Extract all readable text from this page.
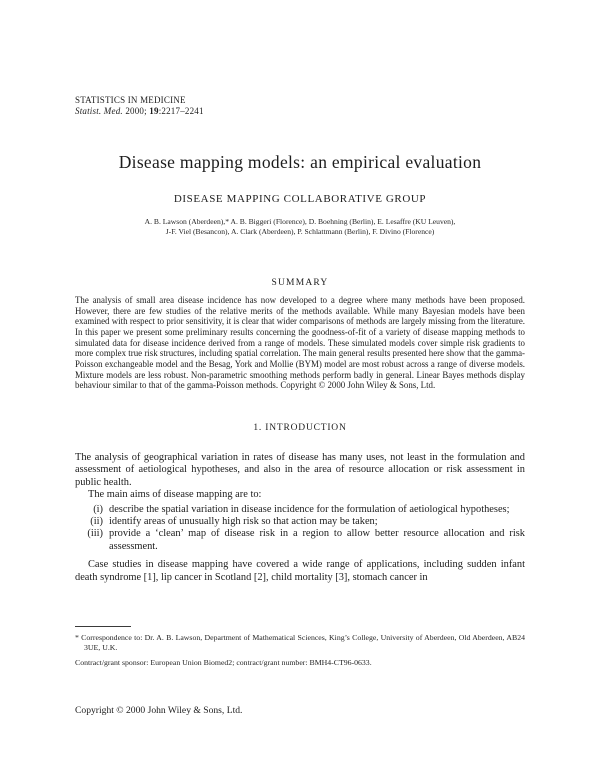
STATISTICS IN MEDICINE
Statist. Med. 2000; 19:2217–2241
Disease mapping models: an empirical evaluation
DISEASE MAPPING COLLABORATIVE GROUP
A. B. Lawson (Aberdeen),* A. B. Biggeri (Florence), D. Boehning (Berlin), E. Lesaffre (KU Leuven),
J-F. Viel (Besancon), A. Clark (Aberdeen), P. Schlattmann (Berlin), F. Divino (Florence)
SUMMARY

The analysis of small area disease incidence has now developed to a degree where many methods have been proposed. However, there are few studies of the relative merits of the methods available. While many Bayesian models have been examined with respect to prior sensitivity, it is clear that wider comparisons of methods are largely missing from the literature. In this paper we present some preliminary results concerning the goodness-of-fit of a variety of disease mapping methods to simulated data for disease incidence derived from a range of models. These simulated models cover simple risk gradients to more complex true risk structures, including spatial correlation. The main general results presented here show that the gamma-Poisson exchangeable model and the Besag, York and Mollie (BYM) model are most robust across a range of diverse models. Mixture models are less robust. Non-parametric smoothing methods perform badly in general. Linear Bayes methods display behaviour similar to that of the gamma-Poisson methods. Copyright © 2000 John Wiley & Sons, Ltd.

1. INTRODUCTION

The analysis of geographical variation in rates of disease has many uses, not least in the formulation and assessment of aetiological hypotheses, and also in the area of resource allocation or risk assessment in public health.

The main aims of disease mapping are to:

(i) describe the spatial variation in disease incidence for the formulation of aetiological hypotheses;
(ii) identify areas of unusually high risk so that action may be taken;
(iii) provide a ‘clean’ map of disease risk in a region to allow better resource allocation and risk assessment.

Case studies in disease mapping have covered a wide range of applications, including sudden infant death syndrome [1], lip cancer in Scotland [2], child mortality [3], stomach cancer in

* Correspondence to: Dr. A. B. Lawson, Department of Mathematical Sciences, King’s College, University of Aberdeen, Old Aberdeen, AB24 3UE, U.K.

Contract/grant sponsor: European Union Biomed2; contract/grant number: BMH4-CT96-0633.

Copyright © 2000 John Wiley & Sons, Ltd.
